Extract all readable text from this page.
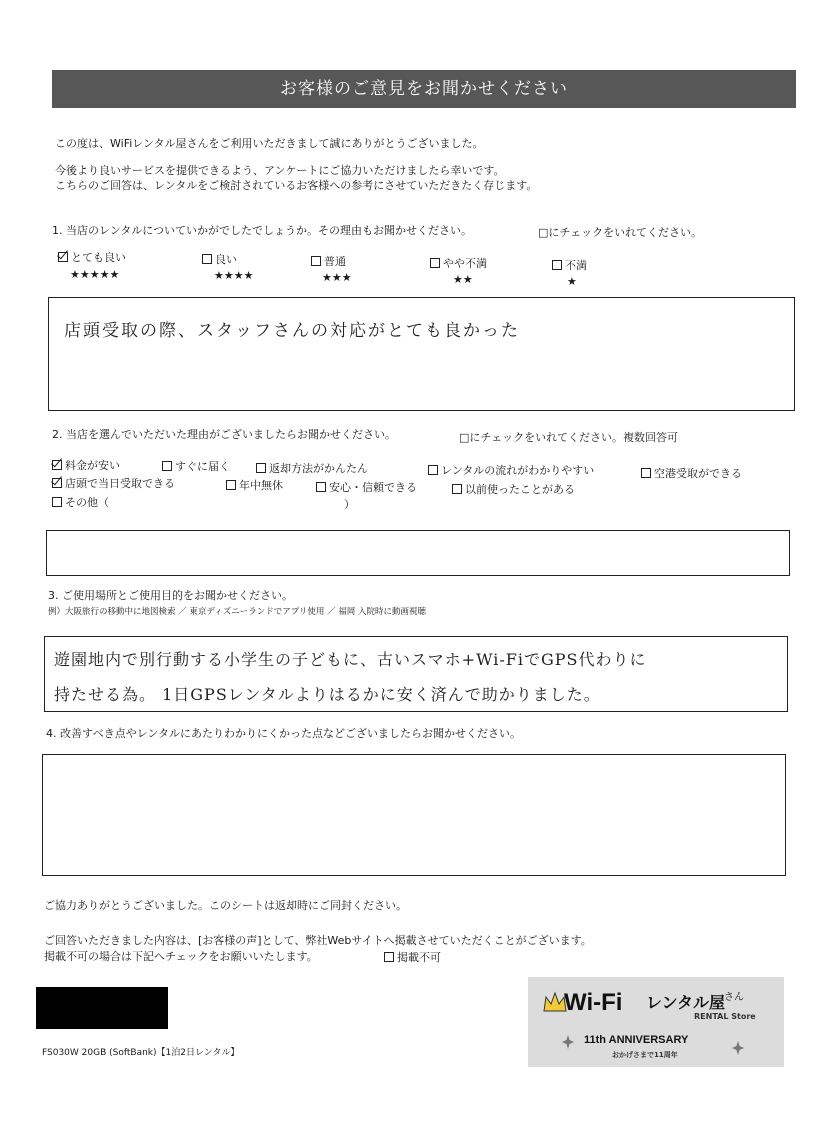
お客様のご意見をお聞かせください
この度は、WiFiレンタル屋さんをご利用いただきまして誠にありがとうございました。
今後より良いサービスを提供できるよう、アンケートにご協力いただけましたら幸いです。
こちらのご回答は、レンタルをご検討されているお客様への参考にさせていただきたく存じます。
1. 当店のレンタルについていかがでしたでしょうか。その理由もお聞かせください。	□にチェックをいれてください。
とても良い
★★★★★
良い
★★★★
普通
★★★
やや不満
★★
不満
★
店頭受取の際、スタッフさんの対応がとても良かった
2. 当店を選んでいただいた理由がございましたらお聞かせください。	□にチェックをいれてください。複数回答可
料金が安い	すぐに届く	返却方法がかんたん	レンタルの流れがわかりやすい	空港受取ができる
店頭で当日受取できる	年中無休	安心・信頼できる	以前使ったことがある
その他（	）
3. ご使用場所とご使用目的をお聞かせください。
例）大阪旅行の移動中に地図検索 ／ 東京ディズニーランドでアプリ使用 ／ 福岡 入院時に動画視聴
遊園地内で別行動する小学生の子どもに、古いスマホ+Wi-FiでGPS代わりに
持たせる為。 1日GPSレンタルよりはるかに安く済んで助かりました。
4. 改善すべき点やレンタルにあたりわかりにくかった点などございましたらお聞かせください。
ご協力ありがとうございました。このシートは返却時にご同封ください。
ご回答いただきました内容は、[お客様の声]として、弊社Webサイトへ掲載させていただくことがございます。
掲載不可の場合は下記へチェックをお願いいたします。	掲載不可
FS030W 20GB (SoftBank)【1泊2日レンタル】
Wi-Fi レンタル屋 さん
RENTAL Store
11th ANNIVERSARY
おかげさまで11周年
